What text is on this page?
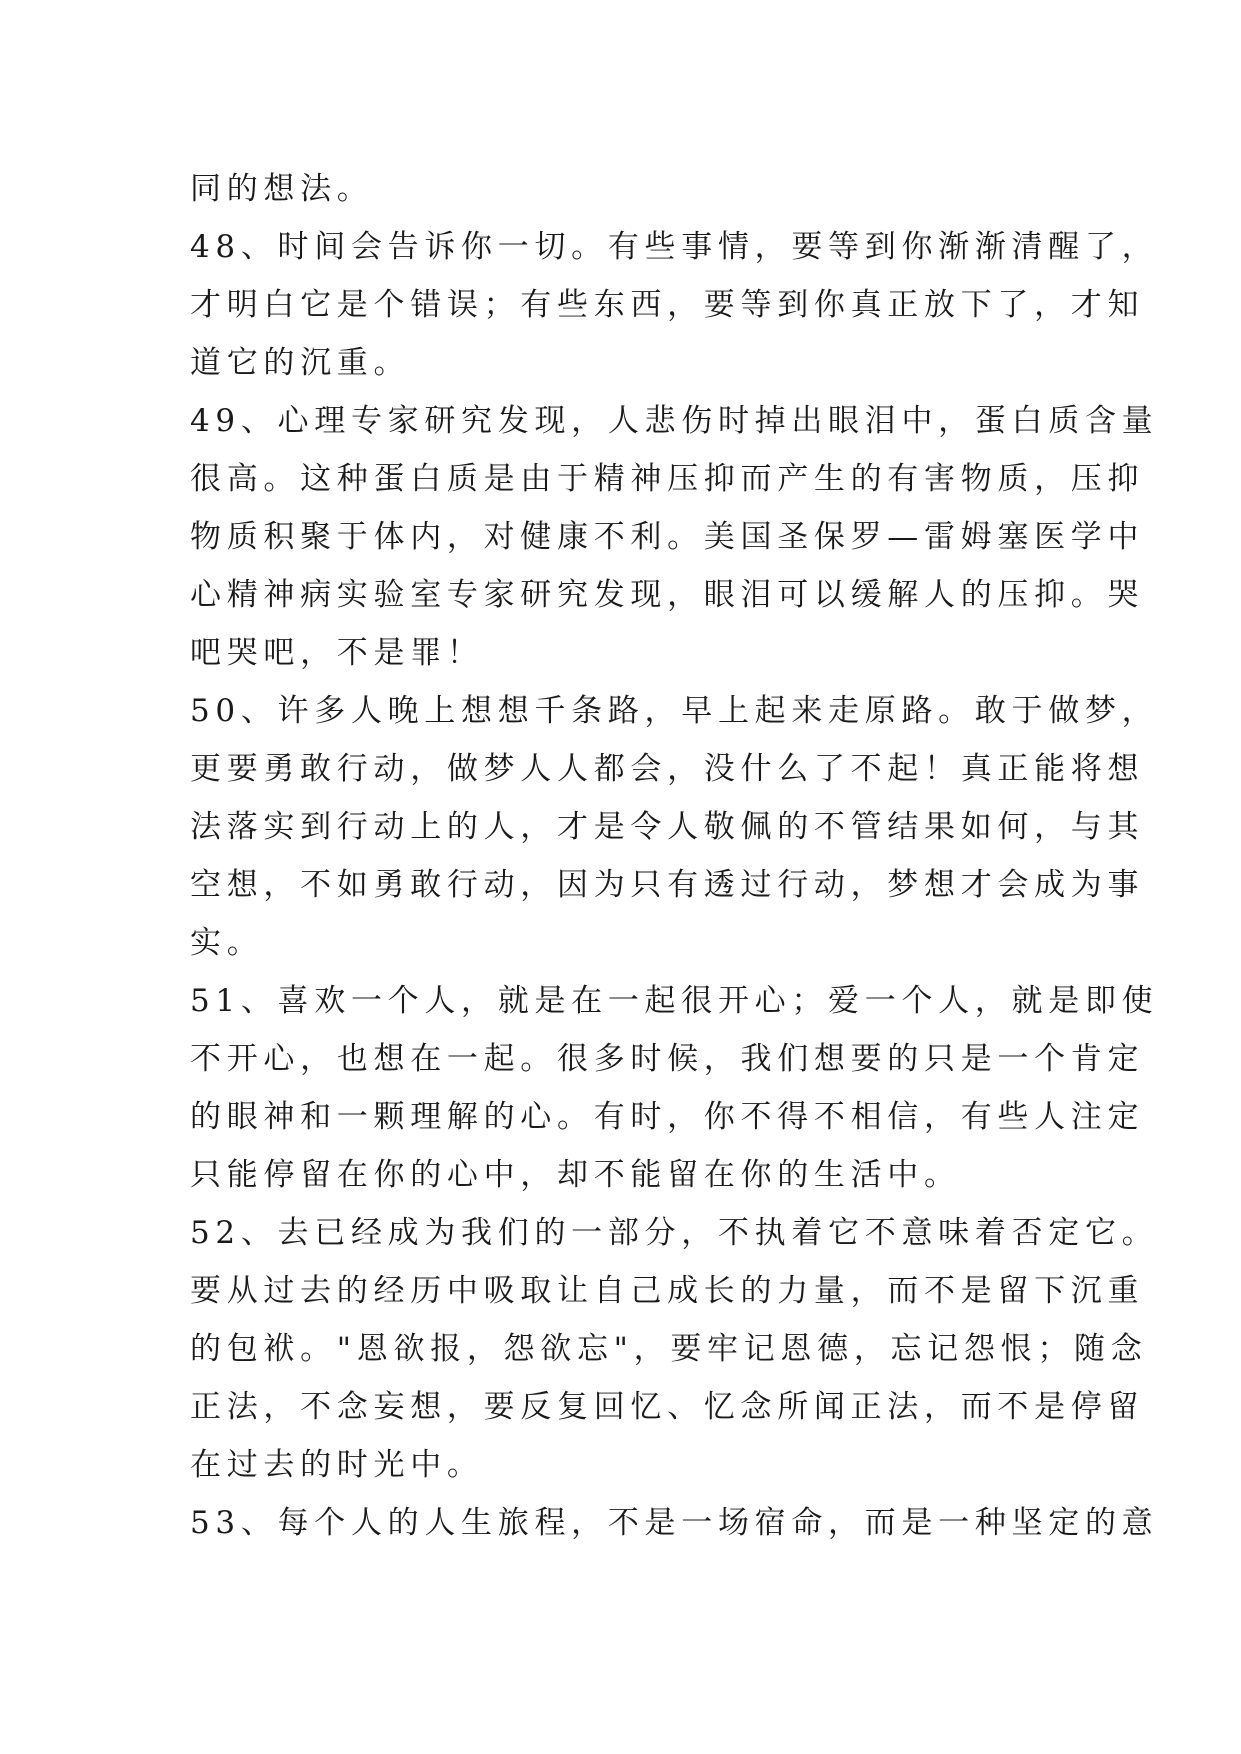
同的想法。

48、时间会告诉你一切。有些事情，要等到你渐渐清醒了，

才明白它是个错误；有些东西，要等到你真正放下了，才知

道它的沉重。

49、心理专家研究发现，人悲伤时掉出眼泪中，蛋白质含量

很高。这种蛋白质是由于精神压抑而产生的有害物质，压抑

物质积聚于体内，对健康不利。美国圣保罗—雷姆塞医学中

心精神病实验室专家研究发现，眼泪可以缓解人的压抑。哭

吧哭吧，不是罪！

50、许多人晚上想想千条路，早上起来走原路。敢于做梦，

更要勇敢行动，做梦人人都会，没什么了不起！真正能将想

法落实到行动上的人，才是令人敬佩的不管结果如何，与其

空想，不如勇敢行动，因为只有透过行动，梦想才会成为事

实。

51、喜欢一个人，就是在一起很开心；爱一个人，就是即使

不开心，也想在一起。很多时候，我们想要的只是一个肯定

的眼神和一颗理解的心。有时，你不得不相信，有些人注定

只能停留在你的心中，却不能留在你的生活中。

52、去已经成为我们的一部分，不执着它不意味着否定它。

要从过去的经历中吸取让自己成长的力量，而不是留下沉重

的包袱。"恩欲报，怨欲忘"，要牢记恩德，忘记怨恨；随念

正法，不念妄想，要反复回忆、忆念所闻正法，而不是停留

在过去的时光中。

53、每个人的人生旅程，不是一场宿命，而是一种坚定的意
